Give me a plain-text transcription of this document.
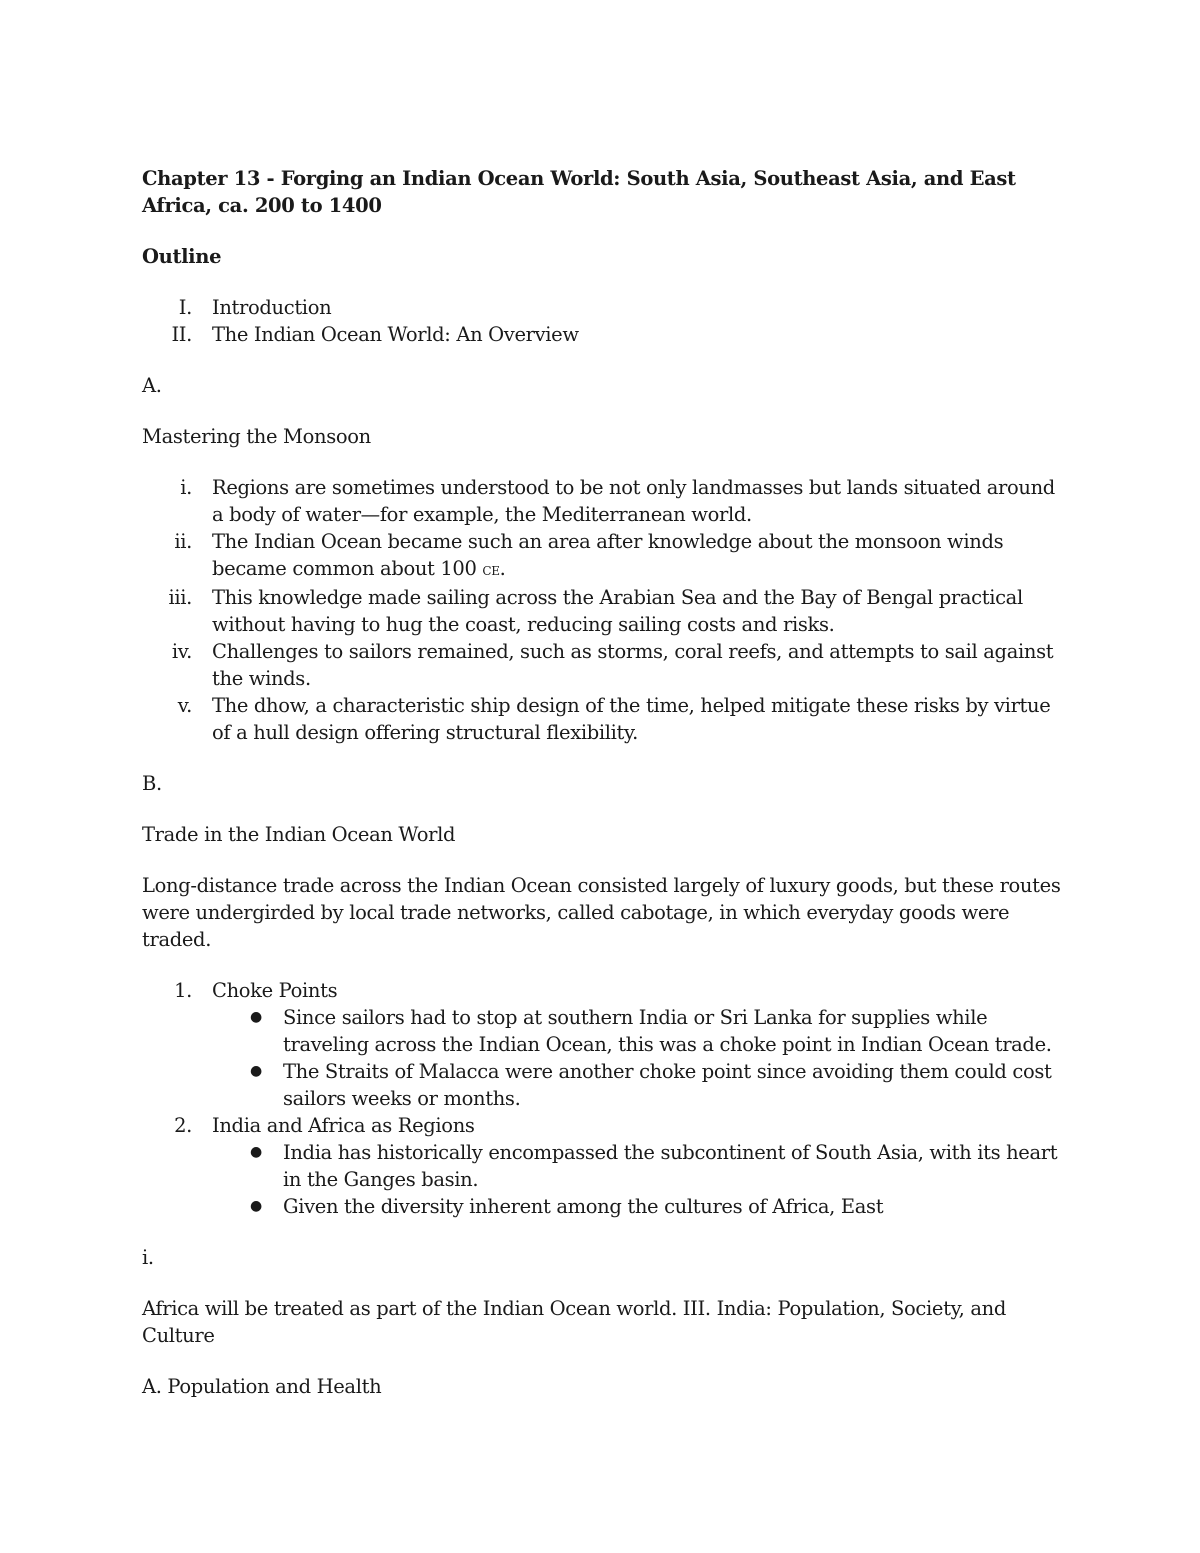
Chapter 13 - Forging an Indian Ocean World: South Asia, Southeast Asia, and East Africa, ca. 200 to 1400

Outline

I. Introduction
II. The Indian Ocean World: An Overview

A.

Mastering the Monsoon

i. Regions are sometimes understood to be not only landmasses but lands situated around a body of water—for example, the Mediterranean world.
ii. The Indian Ocean became such an area after knowledge about the monsoon winds became common about 100 ce.
iii. This knowledge made sailing across the Arabian Sea and the Bay of Bengal practical without having to hug the coast, reducing sailing costs and risks.
iv. Challenges to sailors remained, such as storms, coral reefs, and attempts to sail against the winds.
v. The dhow, a characteristic ship design of the time, helped mitigate these risks by virtue of a hull design offering structural flexibility.

B.

Trade in the Indian Ocean World

Long-distance trade across the Indian Ocean consisted largely of luxury goods, but these routes were undergirded by local trade networks, called cabotage, in which everyday goods were traded.

1. Choke Points
● Since sailors had to stop at southern India or Sri Lanka for supplies while traveling across the Indian Ocean, this was a choke point in Indian Ocean trade.
● The Straits of Malacca were another choke point since avoiding them could cost sailors weeks or months.
2. India and Africa as Regions
● India has historically encompassed the subcontinent of South Asia, with its heart in the Ganges basin.
● Given the diversity inherent among the cultures of Africa, East

i.

Africa will be treated as part of the Indian Ocean world. III. India: Population, Society, and Culture

A. Population and Health
